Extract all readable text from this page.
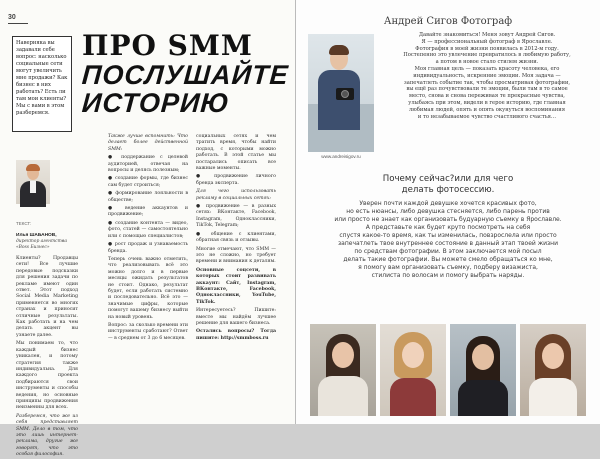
30
Наверняка вы задавали себе вопрос: насколько социальные сети могут увеличить мне продажи? Как бизнес в них работать? Есть ли там мои клиенты? Мы с вами в этом разберемся.
ПРО SMM
ПОСЛУШАЙТЕ
ИСТОРИЮ
ТЕКСТ:
Илья ШАБАНОВ,
директор агентства «Boss Бизнес»

Клиенты? Продавцы сети! Все лучшие передовые подсказки для решения задачи по рекламе имеют один ответ. Этот подход Social Media Marketing применяется во многих странах и приносит отличные результаты. Как работать и на чем делать акцент вы узнаете далее.

Мы понимаем то, что каждый бизнес уникален, и потому стратегия также индивидуальна. Для каждого проекта подбираются свои инструменты и способы ведения, но основные принципы продвижения неизменны для всех.

Разберемся, что же из себя представляет SMM. Дело в том, что это лишь интернет-реклама, другие же говорят, что это особая философия.

Также лучше вспомнить: Что делает более действенной SMM:

● поддержание с целевой аудиторией, отвечая на вопросы и делясь полезным;

● создание формы, где бизнес сам будет строиться;

● формирование лояльности в обществе;

● ведение аккаунтов и продвижение;

● создание контента — видео, фото, статей — самостоятельно или с помощью специалистов;

● рост продаж и узнаваемость бренда.

Теперь очень важно отметить, что реализовывать всё это можно долго и в первые месяцы ожидать результатов не стоит. Однако, результат будет, если работать системно и последовательно. Всё это — значимые цифры, которые помогут вашему бизнесу выйти на новый уровень.

Вопрос: за сколько времени эти инструменты сработают? Ответ — в среднем от 3 до 6 месяцев.

социальных сетях и чем тратить время, чтобы найти подход, с которыми можно работать. В этой статье мы постарались описать все важные моменты.

● продвижение личного бренда эксперта.

Для чего использовать рекламу в социальных сетях:

● продвижение — в разных сетях: ВКонтакте, Facebook, Instagram, Одноклассники, TikTok, Telegram;

● общение с клиентами, обратная связь и отзывы.

Многие отмечают, что SMM — это не сложно, но требует времени и внимания к деталям.

Основные соцсети, в которых стоит развивать аккаунт: Сайт, Instagram, ВКонтакте, Facebook, Одноклассники, YouTube, TikTok.

Интересуетесь? Пишите: вместе мы найдём лучшее решение для вашего бизнеса.

Остались вопросы? Тогда пишите: http://smmboss.ru

Андрей Сигов Фотограф
www.andreisigov.ru

Давайте знакомиться! Меня зовут Андрей Сигов.

Я — профессиональный фотограф в Ярославле.

Фотография в моей жизни появилась в 2012-м году.

Постепенно это увлечение превратилось в любимую работу,

а потом в новое стало стилем жизни.

Моя главная цель — показать красоту человека, его

индивидуальность, искренние эмоции. Моя задача —

запечатлеть событие так, чтобы просматривая фотографии,

вы ещё раз почувствовали те эмоции, были там в то самое

место, снова и снова переживая те прекрасные чувства,

улыбаясь при этом, видели в герое историю, где главная

любимая людей, опять и опять окунуться воспоминания

и то незабываемое чувство счастливого счастья…

Почему сейчас?или для чего
делать фотосессию.

Уверен почти каждой девушке хочется красивых фото,

но есть нюансы, либо девушка стесняется, либо парень против

или просто не знает как организовать будуарную съемку в Ярославле.

А представьте как будет круто посмотреть на себя

спустя какое-то время, как ты изменилась, повзрослела или просто

запечатлеть твое внутреннее состояние в данный этап твоей жизни

по средствам фотографии. В этом заключается мой посыл

делать такие фотографии. Вы можете смело обращаться ко мне,

я помогу вам организовать съемку, подберу визажиста,

стилиста по волосам и помогу выбрать наряды.
